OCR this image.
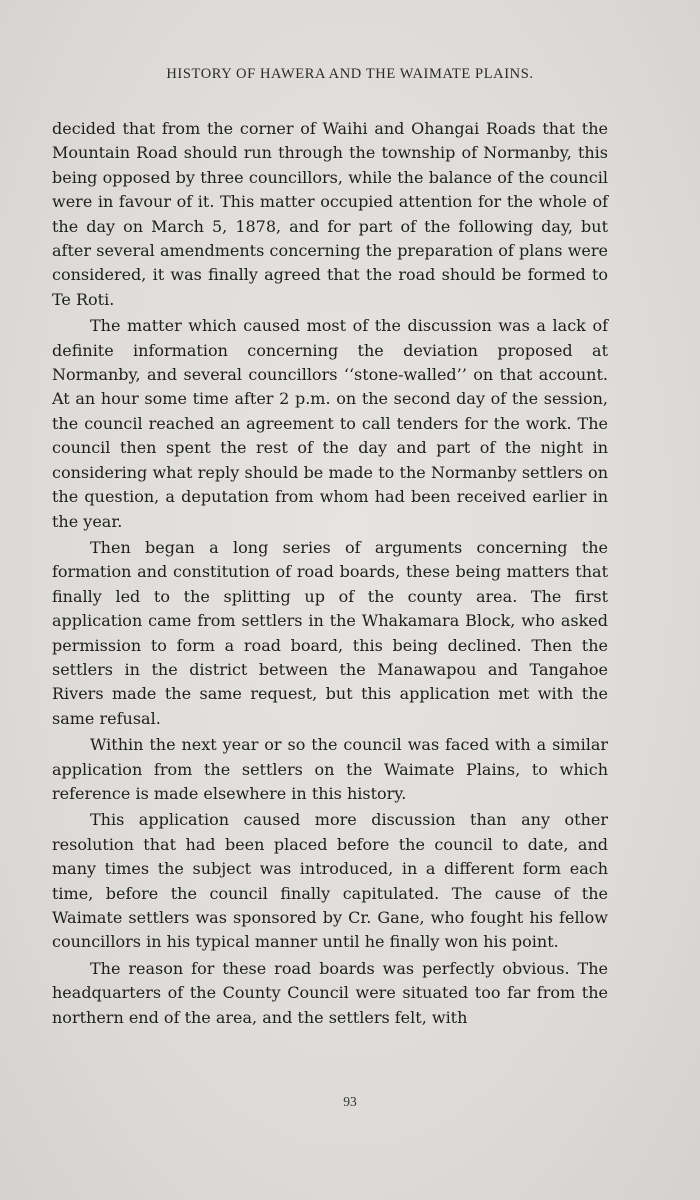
HISTORY OF HAWERA AND THE WAIMATE PLAINS.

decided that from the corner of Waihi and Ohangai Roads that the Mountain Road should run through the township of Normanby, this being opposed by three councillors, while the balance of the council were in favour of it. This matter occupied attention for the whole of the day on March 5, 1878, and for part of the following day, but after several amendments concerning the preparation of plans were considered, it was finally agreed that the road should be formed to Te Roti.

The matter which caused most of the discussion was a lack of definite information concerning the deviation proposed at Normanby, and several councillors ‘‘stone-walled’’ on that account. At an hour some time after 2 p.m. on the second day of the session, the council reached an agreement to call tenders for the work. The council then spent the rest of the day and part of the night in considering what reply should be made to the Normanby settlers on the question, a deputation from whom had been received earlier in the year.

Then began a long series of arguments concerning the formation and constitution of road boards, these being matters that finally led to the splitting up of the county area. The first application came from settlers in the Whakamara Block, who asked permission to form a road board, this being declined. Then the settlers in the district between the Manawapou and Tangahoe Rivers made the same request, but this application met with the same refusal.

Within the next year or so the council was faced with a similar application from the settlers on the Waimate Plains, to which reference is made elsewhere in this history.

This application caused more discussion than any other resolution that had been placed before the council to date, and many times the subject was introduced, in a different form each time, before the council finally capitulated. The cause of the Waimate settlers was sponsored by Cr. Gane, who fought his fellow councillors in his typical manner until he finally won his point.

The reason for these road boards was perfectly obvious. The headquarters of the County Council were situated too far from the northern end of the area, and the settlers felt, with

93
